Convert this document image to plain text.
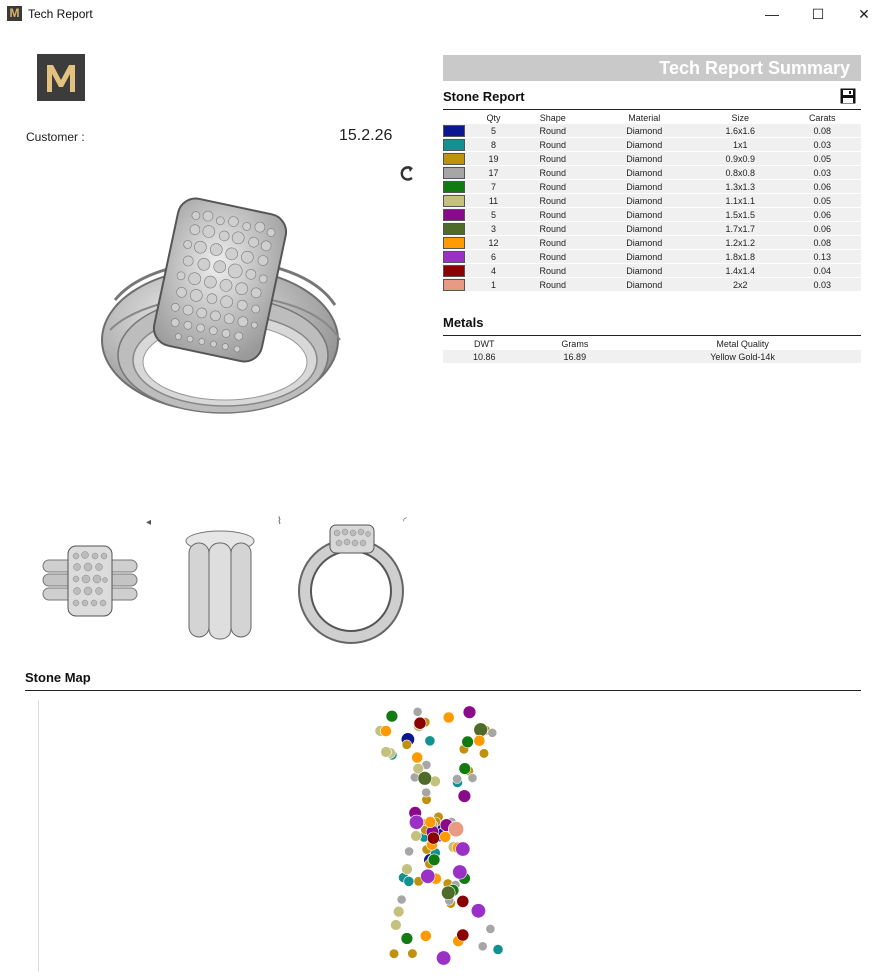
M Tech Report	—	☐	✕
Customer :	15.2.26
◂	⌇	◜
Tech Report Summary
Stone Report
	Qty	Shape	Material	Size	Carats
	5	Round	Diamond	1.6x1.6	0.08
	8	Round	Diamond	1x1	0.03
	19	Round	Diamond	0.9x0.9	0.05
	17	Round	Diamond	0.8x0.8	0.03
	7	Round	Diamond	1.3x1.3	0.06
	11	Round	Diamond	1.1x1.1	0.05
	5	Round	Diamond	1.5x1.5	0.06
	3	Round	Diamond	1.7x1.7	0.06
	12	Round	Diamond	1.2x1.2	0.08
	6	Round	Diamond	1.8x1.8	0.13
	4	Round	Diamond	1.4x1.4	0.04
	1	Round	Diamond	2x2	0.03
Metals
DWT	Grams	Metal Quality
10.86	16.89	Yellow Gold-14k
Stone Map
